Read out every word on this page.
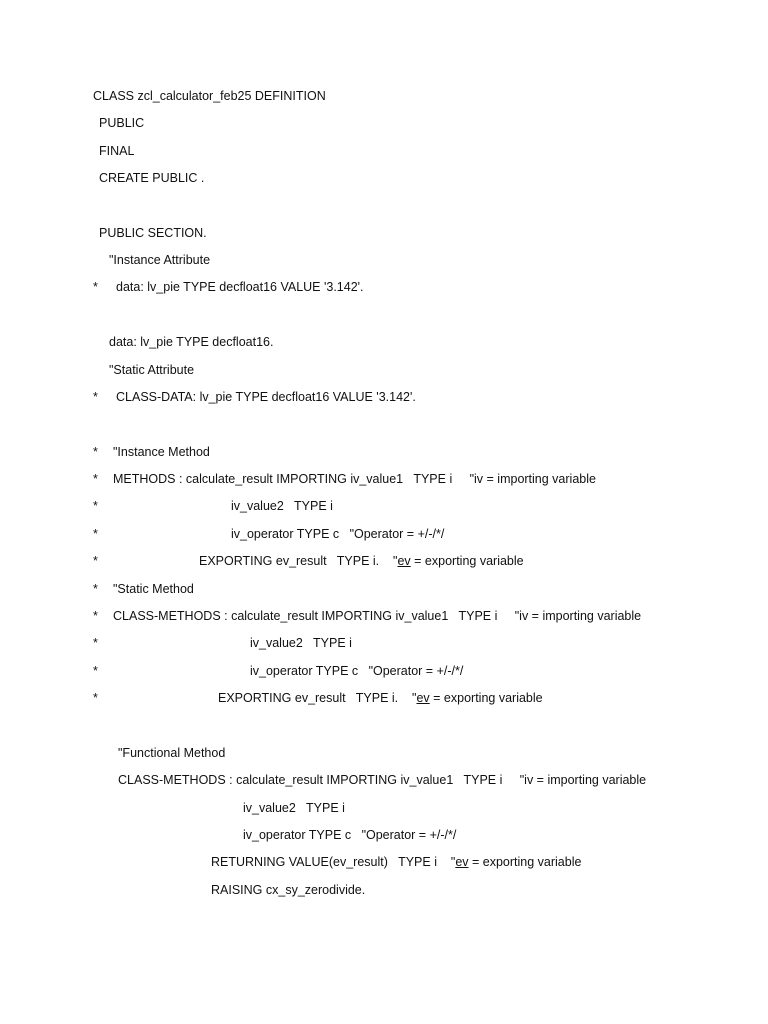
CLASS zcl_calculator_feb25 DEFINITION
PUBLIC
FINAL
CREATE PUBLIC .
PUBLIC SECTION.
"Instance Attribute
* data: lv_pie TYPE decfloat16 VALUE '3.142'.
data: lv_pie TYPE decfloat16.
"Static Attribute
* CLASS-DATA: lv_pie TYPE decfloat16 VALUE '3.142'.
* "Instance Method
* METHODS : calculate_result IMPORTING iv_value1   TYPE i     "iv = importing variable
*	iv_value2   TYPE i
*	iv_operator TYPE c   "Operator = +/-/*/
*	EXPORTING ev_result   TYPE i.    "ev = exporting variable
* "Static Method
* CLASS-METHODS : calculate_result IMPORTING iv_value1   TYPE i     "iv = importing variable
*	iv_value2   TYPE i
*	iv_operator TYPE c   "Operator = +/-/*/
*	EXPORTING ev_result   TYPE i.    "ev = exporting variable
"Functional Method
CLASS-METHODS : calculate_result IMPORTING iv_value1   TYPE i     "iv = importing variable
iv_value2   TYPE i
iv_operator TYPE c   "Operator = +/-/*/
RETURNING VALUE(ev_result)   TYPE i    "ev = exporting variable
RAISING cx_sy_zerodivide.
